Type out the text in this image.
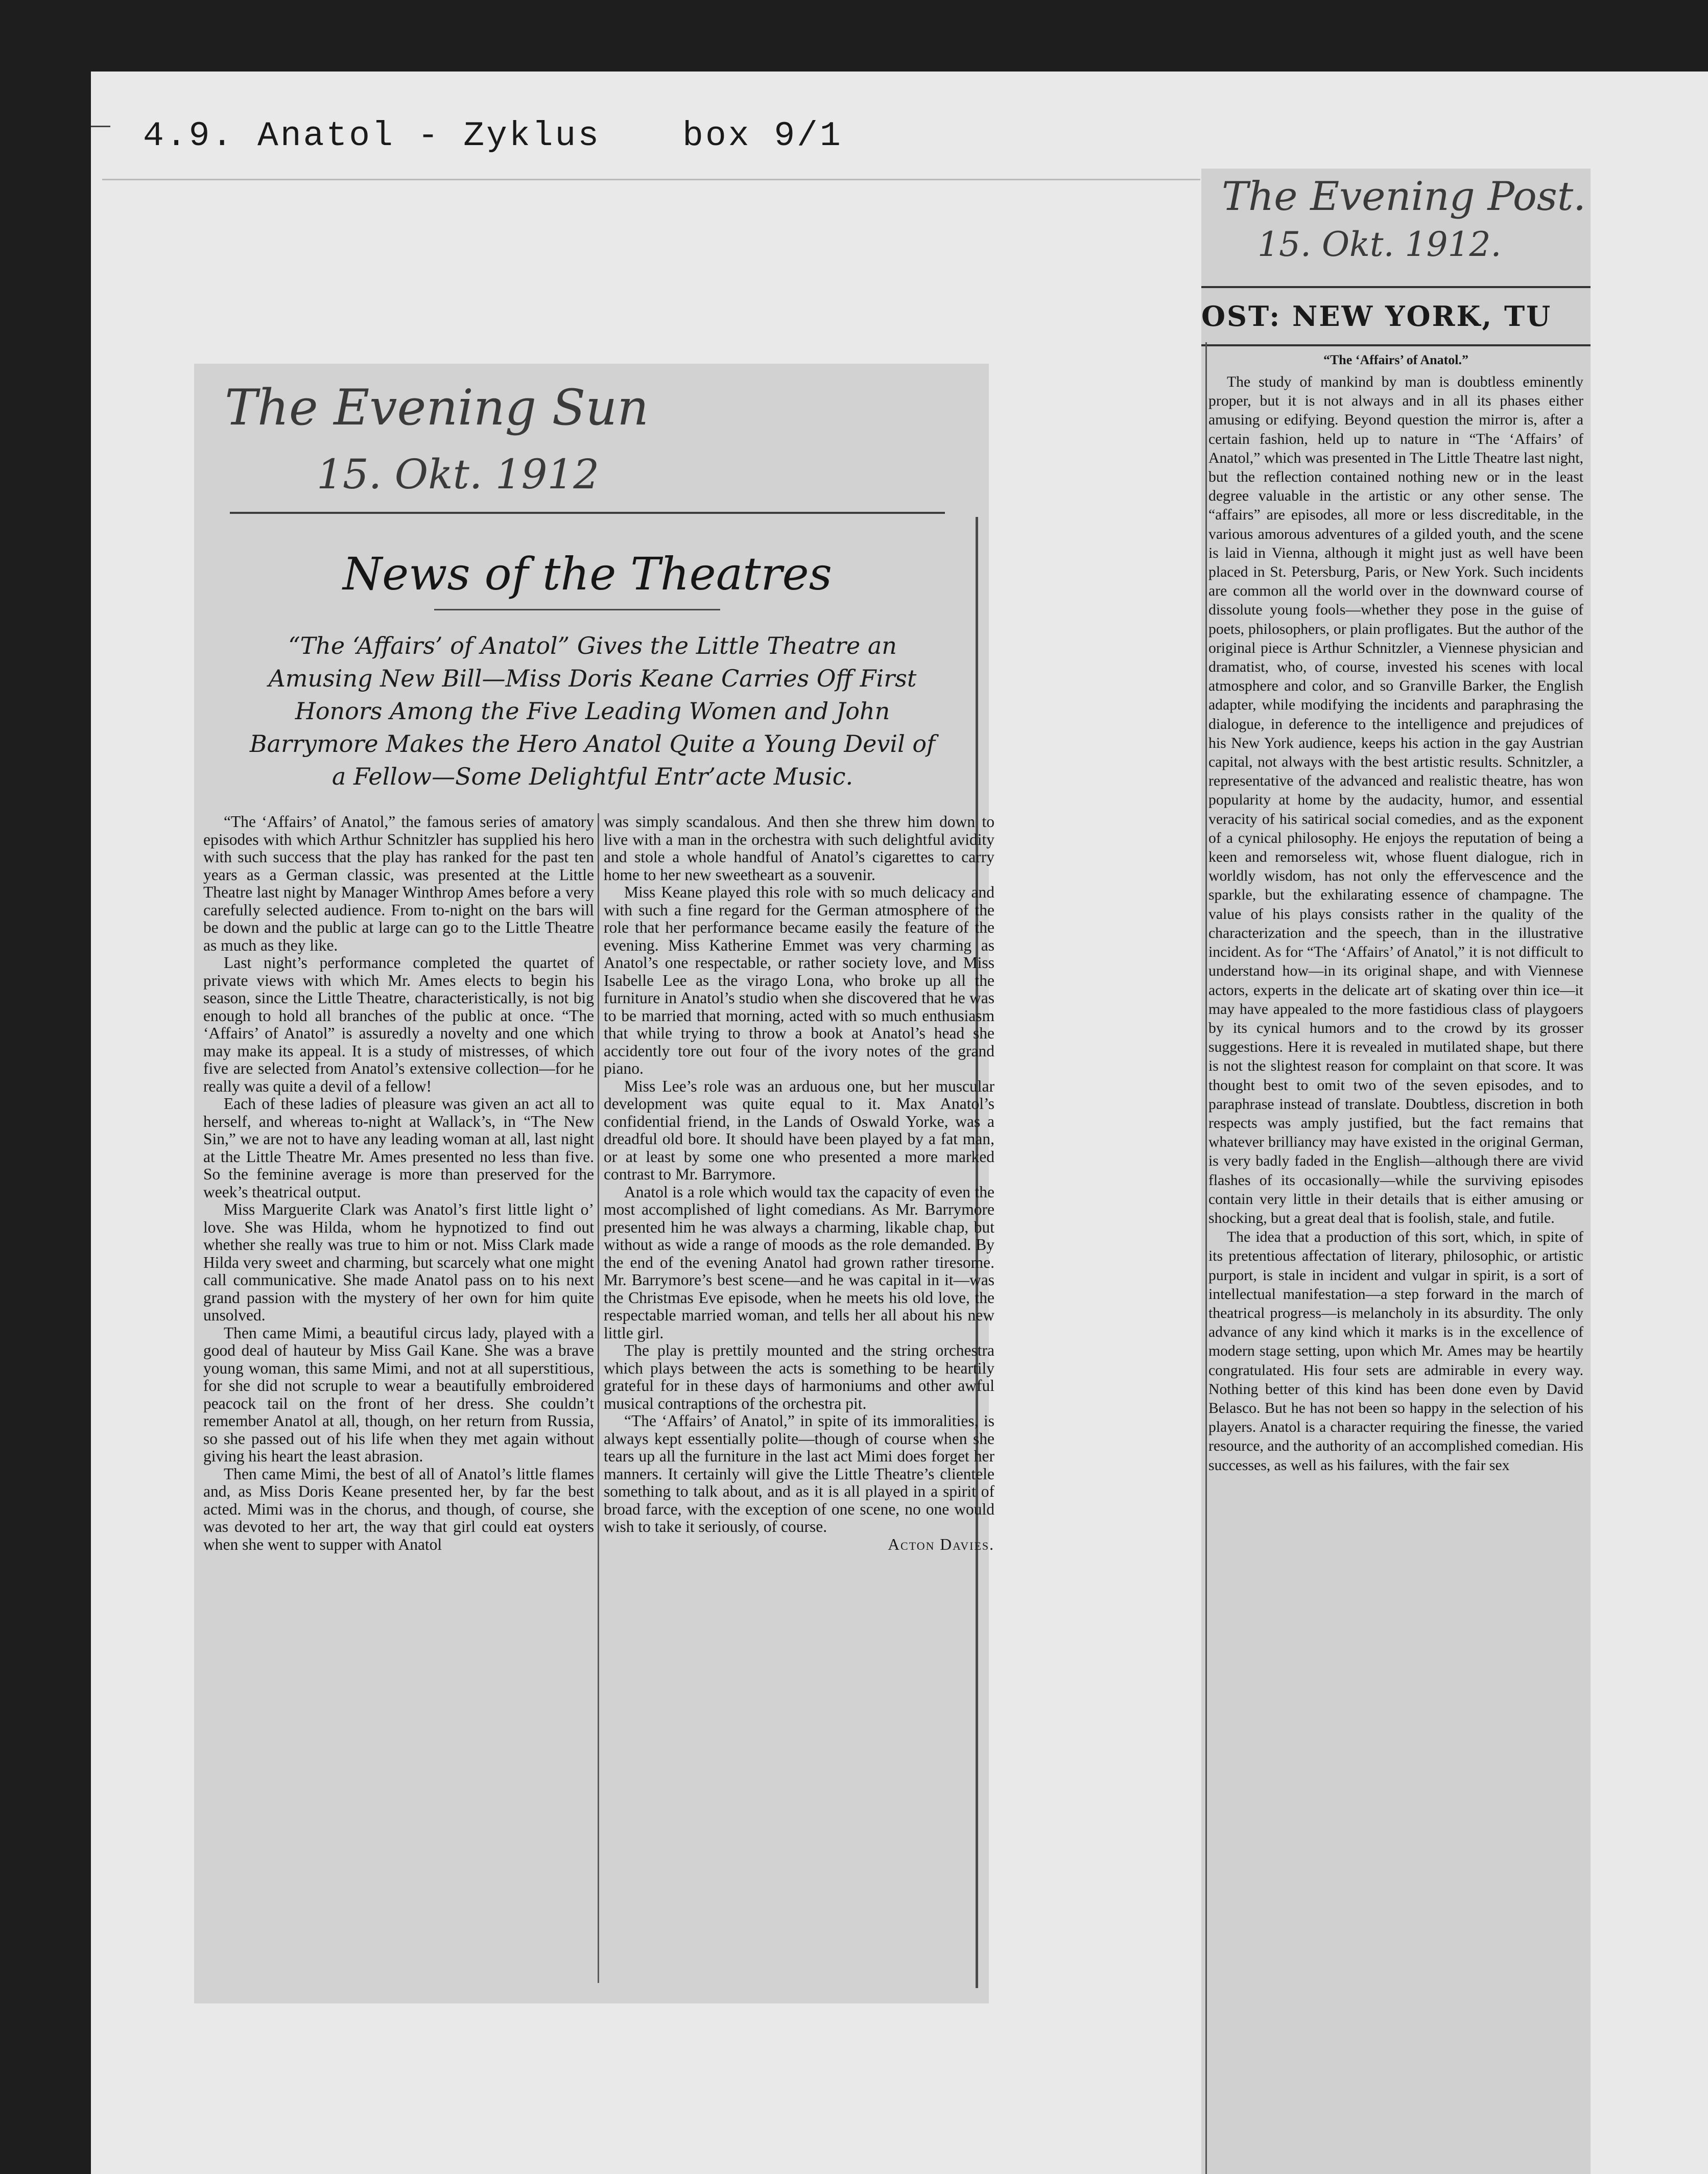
4.9. Anatol - Zyklus box 9/1
The Evening Sun
15. Okt. 1912
News of the Theatres
“The ‘Affairs’ of Anatol” Gives the Little Theatre an Amusing New Bill—Miss Doris Keane Carries Off First Honors Among the Five Leading Women and John Barrymore Makes the Hero Anatol Quite a Young Devil of a Fellow—Some Delightful Entr’acte Music.

“The ‘Affairs’ of Anatol,” the famous series of amatory episodes with which Arthur Schnitzler has supplied his hero with such success that the play has ranked for the past ten years as a German classic, was presented at the Little Theatre last night by Manager Winthrop Ames before a very carefully selected audience. From to-night on the bars will be down and the public at large can go to the Little Theatre as much as they like.

Last night’s performance completed the quartet of private views with which Mr. Ames elects to begin his season, since the Little Theatre, characteristically, is not big enough to hold all branches of the public at once. “The ‘Affairs’ of Anatol” is assuredly a novelty and one which may make its appeal. It is a study of mistresses, of which five are selected from Anatol’s extensive collection—for he really was quite a devil of a fellow!

Each of these ladies of pleasure was given an act all to herself, and whereas to-night at Wallack’s, in “The New Sin,” we are not to have any leading woman at all, last night at the Little Theatre Mr. Ames presented no less than five. So the feminine average is more than preserved for the week’s theatrical output.

Miss Marguerite Clark was Anatol’s first little light o’ love. She was Hilda, whom he hypnotized to find out whether she really was true to him or not. Miss Clark made Hilda very sweet and charming, but scarcely what one might call communicative. She made Anatol pass on to his next grand passion with the mystery of her own for him quite unsolved.

Then came Mimi, a beautiful circus lady, played with a good deal of hauteur by Miss Gail Kane. She was a brave young woman, this same Mimi, and not at all superstitious, for she did not scruple to wear a beautifully embroidered peacock tail on the front of her dress. She couldn’t remember Anatol at all, though, on her return from Russia, so she passed out of his life when they met again without giving his heart the least abrasion.

Then came Mimi, the best of all of Anatol’s little flames and, as Miss Doris Keane presented her, by far the best acted. Mimi was in the chorus, and though, of course, she was devoted to her art, the way that girl could eat oysters when she went to supper with Anatol

was simply scandalous. And then she threw him down to live with a man in the orchestra with such delightful avidity and stole a whole handful of Anatol’s cigarettes to carry home to her new sweetheart as a souvenir.

Miss Keane played this role with so much delicacy and with such a fine regard for the German atmosphere of the role that her performance became easily the feature of the evening. Miss Katherine Emmet was very charming as Anatol’s one respectable, or rather society love, and Miss Isabelle Lee as the virago Lona, who broke up all the furniture in Anatol’s studio when she discovered that he was to be married that morning, acted with so much enthusiasm that while trying to throw a book at Anatol’s head she accidently tore out four of the ivory notes of the grand piano.

Miss Lee’s role was an arduous one, but her muscular development was quite equal to it. Max Anatol’s confidential friend, in the Lands of Oswald Yorke, was a dreadful old bore. It should have been played by a fat man, or at least by some one who presented a more marked contrast to Mr. Barrymore.

Anatol is a role which would tax the capacity of even the most accomplished of light comedians. As Mr. Barrymore presented him he was always a charming, likable chap, but without as wide a range of moods as the role demanded. By the end of the evening Anatol had grown rather tiresome. Mr. Barrymore’s best scene—and he was capital in it—was the Christmas Eve episode, when he meets his old love, the respectable married woman, and tells her all about his new little girl.

The play is prettily mounted and the string orchestra which plays between the acts is something to be heartily grateful for in these days of harmoniums and other awful musical contraptions of the orchestra pit.

“The ‘Affairs’ of Anatol,” in spite of its immoralities, is always kept essentially polite—though of course when she tears up all the furniture in the last act Mimi does forget her manners. It certainly will give the Little Theatre’s clientele something to talk about, and as it is all played in a spirit of broad farce, with the exception of one scene, no one would wish to take it seriously, of course.

Acton Davies.
The Evening Post.
15. Okt. 1912.
OST: NEW YORK, TU
“The ‘Affairs’ of Anatol.”

The study of mankind by man is doubtless eminently proper, but it is not always and in all its phases either amusing or edifying. Beyond question the mirror is, after a certain fashion, held up to nature in “The ‘Affairs’ of Anatol,” which was presented in The Little Theatre last night, but the reflection contained nothing new or in the least degree valuable in the artistic or any other sense. The “affairs” are episodes, all more or less discreditable, in the various amorous adventures of a gilded youth, and the scene is laid in Vienna, although it might just as well have been placed in St. Petersburg, Paris, or New York. Such incidents are common all the world over in the downward course of dissolute young fools—whether they pose in the guise of poets, philosophers, or plain profligates. But the author of the original piece is Arthur Schnitzler, a Viennese physician and dramatist, who, of course, invested his scenes with local atmosphere and color, and so Granville Barker, the English adapter, while modifying the incidents and paraphrasing the dialogue, in deference to the intelligence and prejudices of his New York audience, keeps his action in the gay Austrian capital, not always with the best artistic results. Schnitzler, a representative of the advanced and realistic theatre, has won popularity at home by the audacity, humor, and essential veracity of his satirical social comedies, and as the exponent of a cynical philosophy. He enjoys the reputation of being a keen and remorseless wit, whose fluent dialogue, rich in worldly wisdom, has not only the effervescence and the sparkle, but the exhilarating essence of champagne. The value of his plays consists rather in the quality of the characterization and the speech, than in the illustrative incident. As for “The ‘Affairs’ of Anatol,” it is not difficult to understand how—in its original shape, and with Viennese actors, experts in the delicate art of skating over thin ice—it may have appealed to the more fastidious class of playgoers by its cynical humors and to the crowd by its grosser suggestions. Here it is revealed in mutilated shape, but there is not the slightest reason for complaint on that score. It was thought best to omit two of the seven episodes, and to paraphrase instead of translate. Doubtless, discretion in both respects was amply justified, but the fact remains that whatever brilliancy may have existed in the original German, is very badly faded in the English—although there are vivid flashes of its occasionally—while the surviving episodes contain very little in their details that is either amusing or shocking, but a great deal that is foolish, stale, and futile.

The idea that a production of this sort, which, in spite of its pretentious affectation of literary, philosophic, or artistic purport, is stale in incident and vulgar in spirit, is a sort of intellectual manifestation—a step forward in the march of theatrical progress—is melancholy in its absurdity. The only advance of any kind which it marks is in the excellence of modern stage setting, upon which Mr. Ames may be heartily congratulated. His four sets are admirable in every way. Nothing better of this kind has been done even by David Belasco. But he has not been so happy in the selection of his players. Anatol is a character requiring the finesse, the varied resource, and the authority of an accomplished comedian. His successes, as well as his failures, with the fair sex
